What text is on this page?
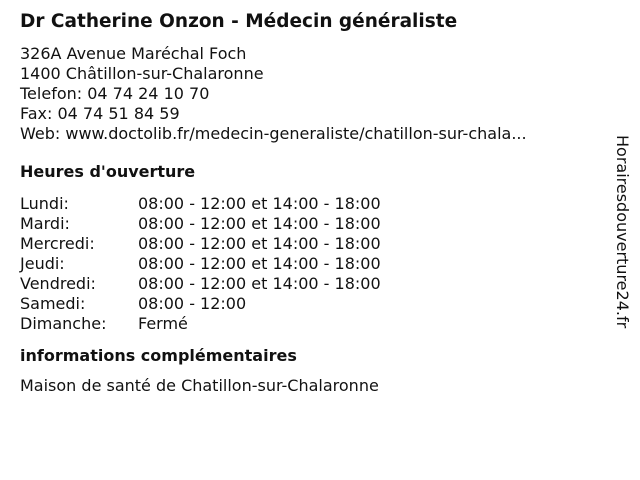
Dr Catherine Onzon - Médecin généraliste
326A Avenue Maréchal Foch
1400 Châtillon-sur-Chalaronne
Telefon: 04 74 24 10 70
Fax: 04 74 51 84 59
Web: www.doctolib.fr/medecin-generaliste/chatillon-sur-chala...
Heures d'ouverture
Lundi:	08:00 - 12:00 et 14:00 - 18:00
Mardi:	08:00 - 12:00 et 14:00 - 18:00
Mercredi:	08:00 - 12:00 et 14:00 - 18:00
Jeudi:	08:00 - 12:00 et 14:00 - 18:00
Vendredi:	08:00 - 12:00 et 14:00 - 18:00
Samedi:	08:00 - 12:00
Dimanche:	Fermé
informations complémentaires
Maison de santé de Chatillon-sur-Chalaronne
Horairesdouverture24.fr
